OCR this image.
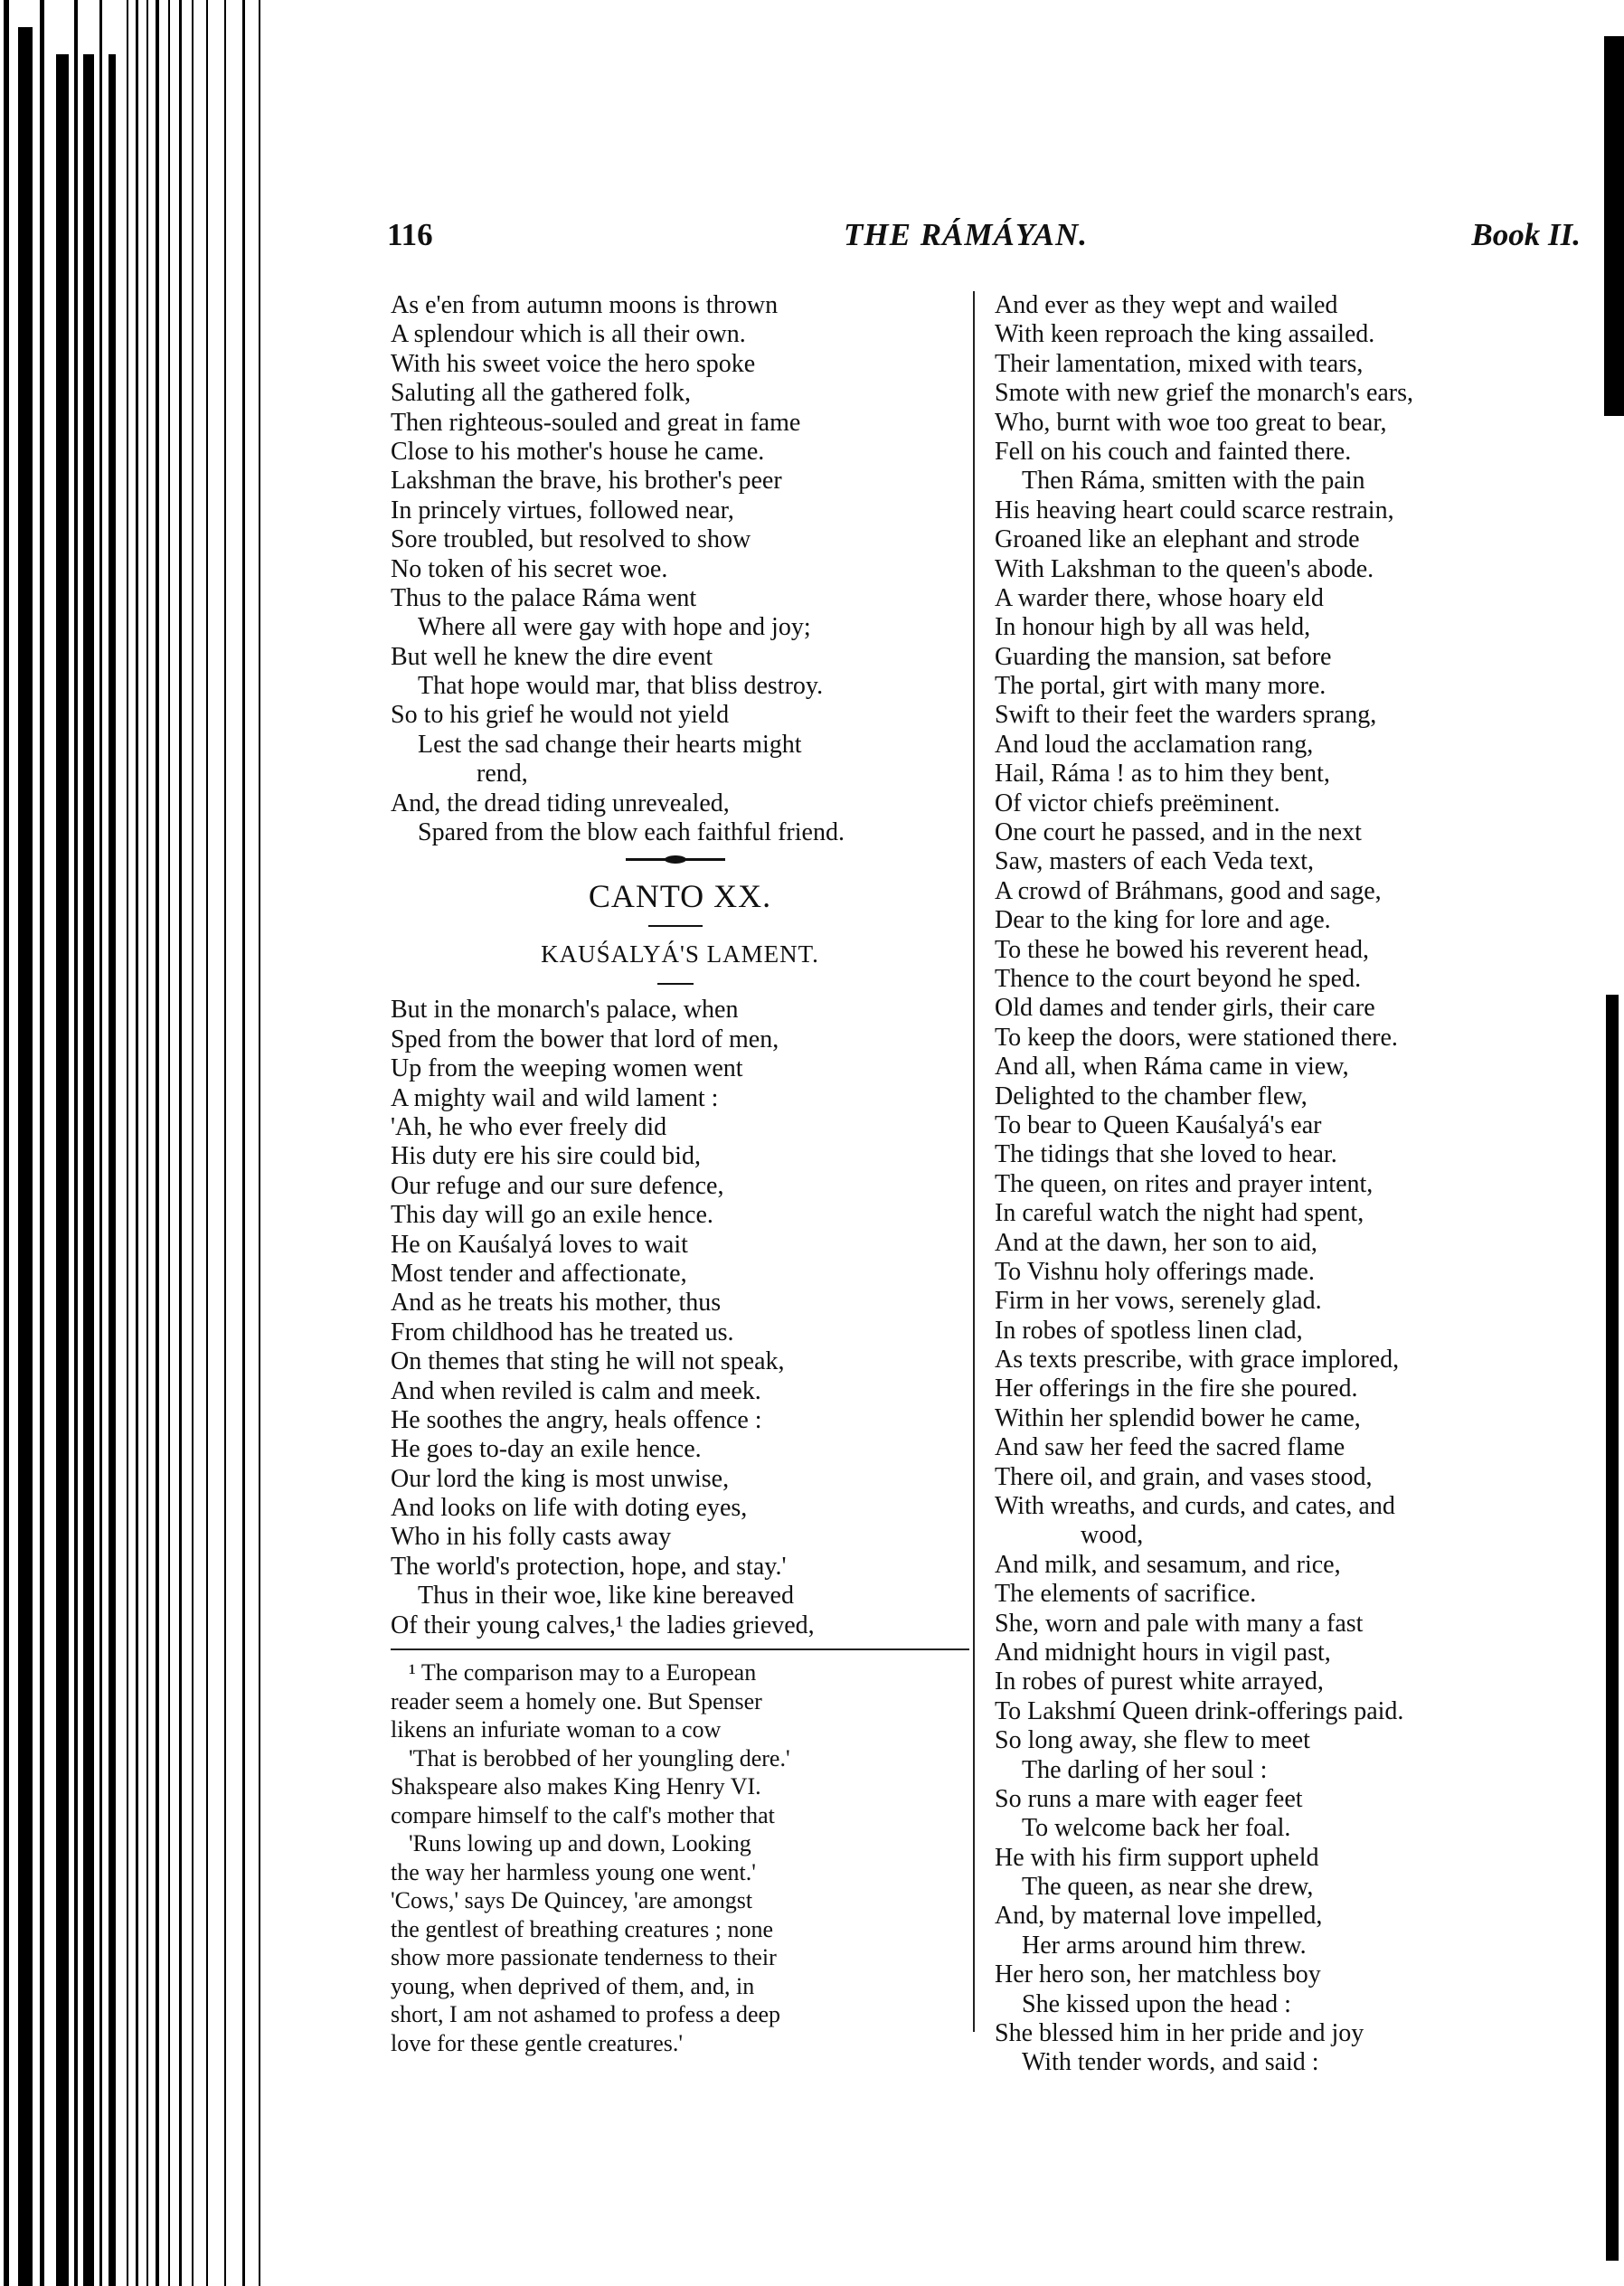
116	THE RÁMÁYAN.	Book II.
As e'en from autumn moons is thrown
A splendour which is all their own.
With his sweet voice the hero spoke
Saluting all the gathered folk,
Then righteous-souled and great in fame
Close to his mother's house he came.
Lakshman the brave, his brother's peer
In princely virtues, followed near,
Sore troubled, but resolved to show
No token of his secret woe.
Thus to the palace Ráma went
Where all were gay with hope and joy;
But well he knew the dire event
That hope would mar, that bliss destroy.
So to his grief he would not yield
Lest the sad change their hearts might
rend,
And, the dread tiding unrevealed,
Spared from the blow each faithful friend.
CANTO XX.
KAUŚALYÁ'S LAMENT.
But in the monarch's palace, when
Sped from the bower that lord of men,
Up from the weeping women went
A mighty wail and wild lament :
'Ah, he who ever freely did
His duty ere his sire could bid,
Our refuge and our sure defence,
This day will go an exile hence.
He on Kauśalyá loves to wait
Most tender and affectionate,
And as he treats his mother, thus
From childhood has he treated us.
On themes that sting he will not speak,
And when reviled is calm and meek.
He soothes the angry, heals offence :
He goes to-day an exile hence.
Our lord the king is most unwise,
And looks on life with doting eyes,
Who in his folly casts away
The world's protection, hope, and stay.'
Thus in their woe, like kine bereaved
Of their young calves,¹ the ladies grieved,
¹ The comparison may to a European
reader seem a homely one. But Spenser
likens an infuriate woman to a cow
'That is berobbed of her youngling dere.'
Shakspeare also makes King Henry VI.
compare himself to the calf's mother that
'Runs lowing up and down, Looking
the way her harmless young one went.'
'Cows,' says De Quincey, 'are amongst
the gentlest of breathing creatures ; none
show more passionate tenderness to their
young, when deprived of them, and, in
short, I am not ashamed to profess a deep
love for these gentle creatures.'
And ever as they wept and wailed
With keen reproach the king assailed.
Their lamentation, mixed with tears,
Smote with new grief the monarch's ears,
Who, burnt with woe too great to bear,
Fell on his couch and fainted there.
Then Ráma, smitten with the pain
His heaving heart could scarce restrain,
Groaned like an elephant and strode
With Lakshman to the queen's abode.
A warder there, whose hoary eld
In honour high by all was held,
Guarding the mansion, sat before
The portal, girt with many more.
Swift to their feet the warders sprang,
And loud the acclamation rang,
Hail, Ráma ! as to him they bent,
Of victor chiefs preëminent.
One court he passed, and in the next
Saw, masters of each Veda text,
A crowd of Bráhmans, good and sage,
Dear to the king for lore and age.
To these he bowed his reverent head,
Thence to the court beyond he sped.
Old dames and tender girls, their care
To keep the doors, were stationed there.
And all, when Ráma came in view,
Delighted to the chamber flew,
To bear to Queen Kauśalyá's ear
The tidings that she loved to hear.
The queen, on rites and prayer intent,
In careful watch the night had spent,
And at the dawn, her son to aid,
To Vishnu holy offerings made.
Firm in her vows, serenely glad.
In robes of spotless linen clad,
As texts prescribe, with grace implored,
Her offerings in the fire she poured.
Within her splendid bower he came,
And saw her feed the sacred flame
There oil, and grain, and vases stood,
With wreaths, and curds, and cates, and
wood,
And milk, and sesamum, and rice,
The elements of sacrifice.
She, worn and pale with many a fast
And midnight hours in vigil past,
In robes of purest white arrayed,
To Lakshmí Queen drink-offerings paid.
So long away, she flew to meet
The darling of her soul :
So runs a mare with eager feet
To welcome back her foal.
He with his firm support upheld
The queen, as near she drew,
And, by maternal love impelled,
Her arms around him threw.
Her hero son, her matchless boy
She kissed upon the head :
She blessed him in her pride and joy
With tender words, and said :
